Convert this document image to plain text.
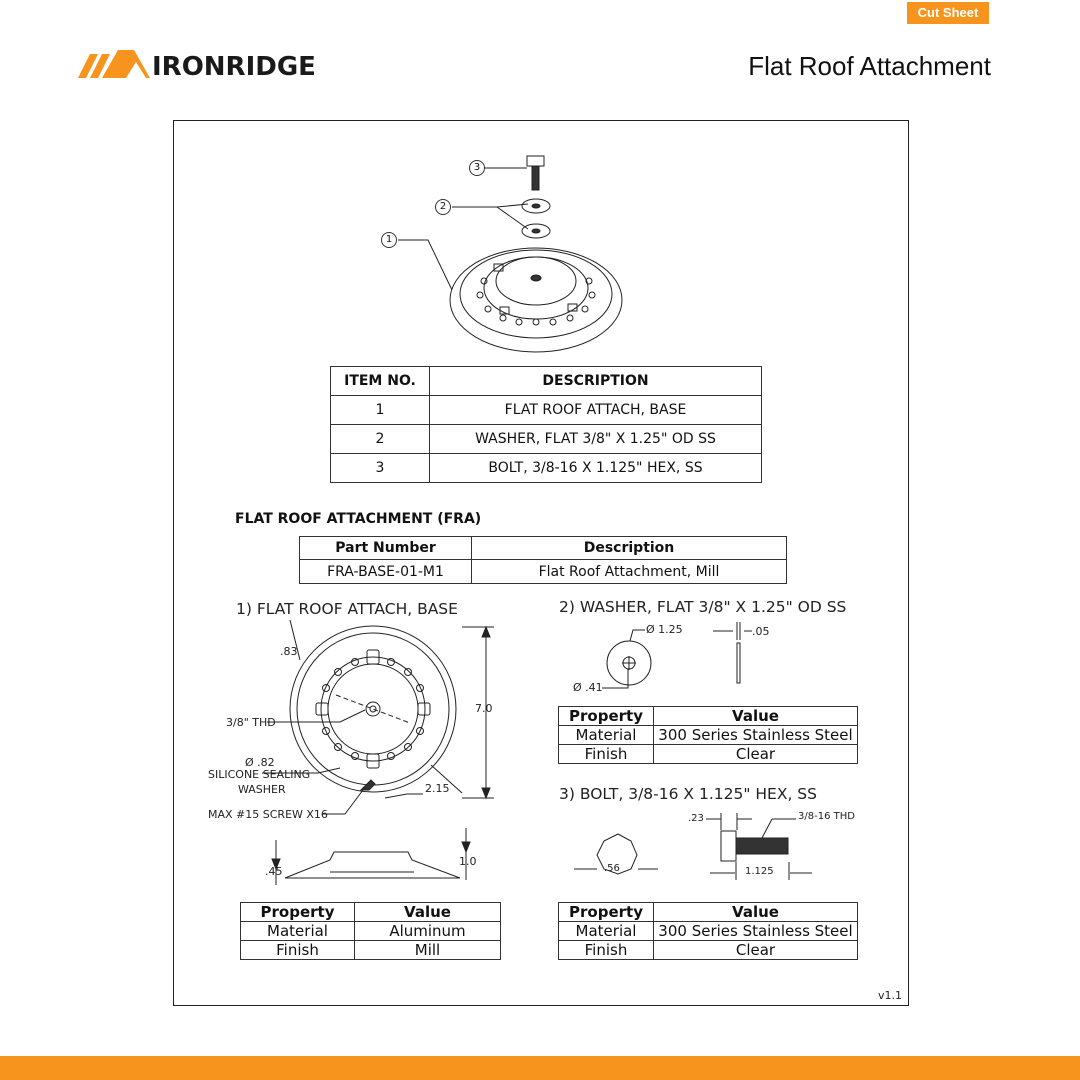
Cut Sheet
IRONRIDGE	Flat Roof Attachment
3
2
1
ITEM NO.	DESCRIPTION
1	FLAT ROOF ATTACH, BASE
2	WASHER, FLAT 3/8" X 1.25" OD SS
3	BOLT, 3/8-16 X 1.125" HEX, SS
FLAT ROOF ATTACHMENT (FRA)
Part Number	Description
FRA-BASE-01-M1	Flat Roof Attachment, Mill
1) FLAT ROOF ATTACH, BASE	2) WASHER, FLAT 3/8" X 1.25" OD SS
3) BOLT, 3/8-16 X 1.125" HEX, SS
.83
3/8" THD
Ø .82
SILICONE SEALING
WASHER
MAX #15 SCREW X16
7.0
2.15
1.0
.45
Ø 1.25	.05
Ø .41
.23	3/8-16 THD
.56	1.125
Property	Value
Material	Aluminum
Finish	Mill
Property	Value
Material	300 Series Stainless Steel
Finish	Clear
Property	Value
Material	300 Series Stainless Steel
Finish	Clear
v1.1
